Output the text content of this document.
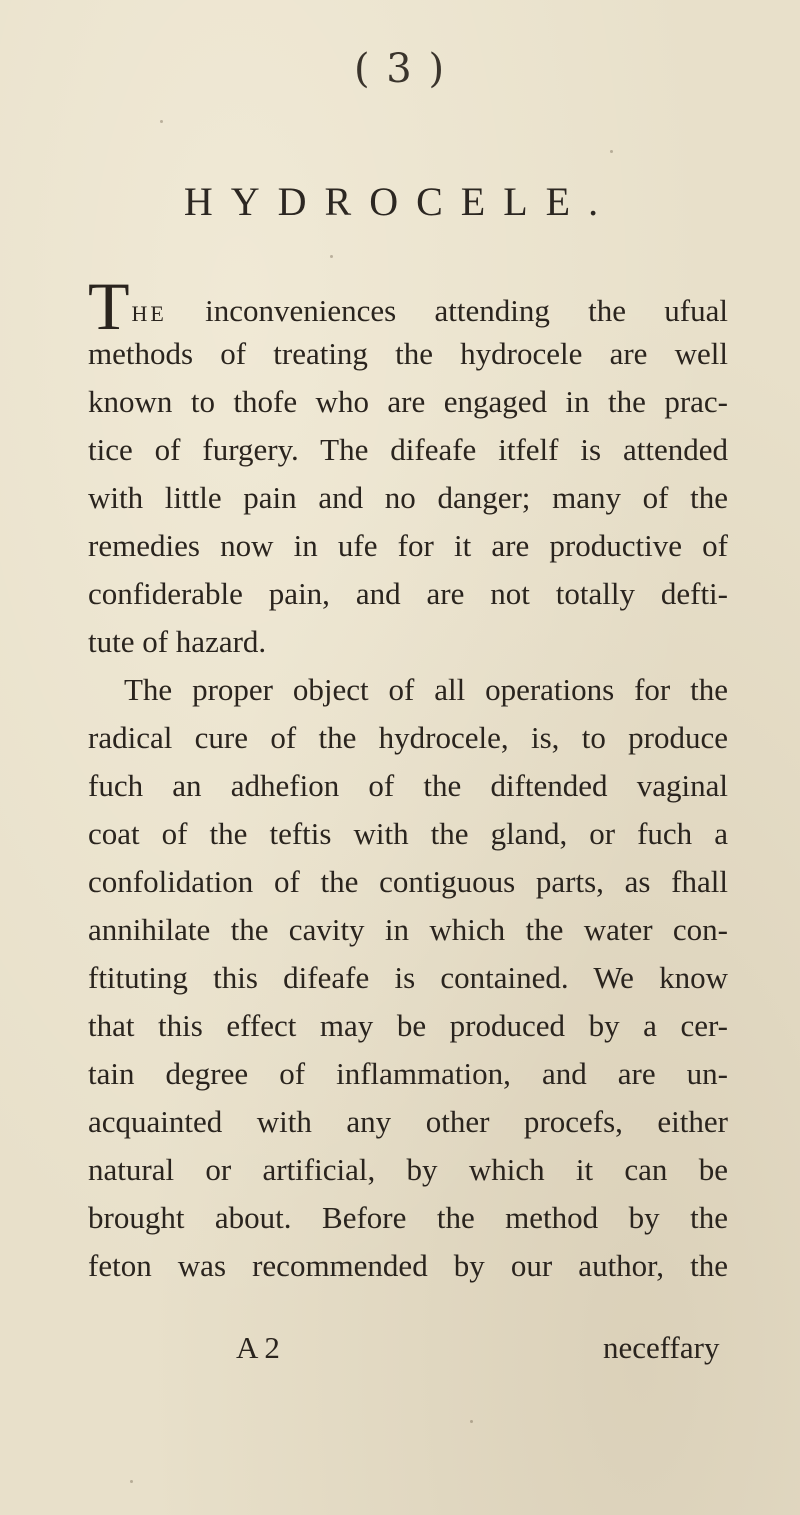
( 3 )
HYDROCELE.
THE inconveniences attending the ufual
methods of treating the hydrocele are well
known to thofe who are engaged in the prac-
tice of furgery. The difeafe itfelf is attended
with little pain and no danger; many of the
remedies now in ufe for it are productive of
confiderable pain, and are not totally defti-
tute of hazard.
The proper object of all operations for the
radical cure of the hydrocele, is, to produce
fuch an adhefion of the diftended vaginal
coat of the teftis with the gland, or fuch a
confolidation of the contiguous parts, as fhall
annihilate the cavity in which the water con-
ftituting this difeafe is contained. We know
that this effect may be produced by a cer-
tain degree of inflammation, and are un-
acquainted with any other procefs, either
natural or artificial, by which it can be
brought about. Before the method by the
feton was recommended by our author, the
A 2	neceffary
